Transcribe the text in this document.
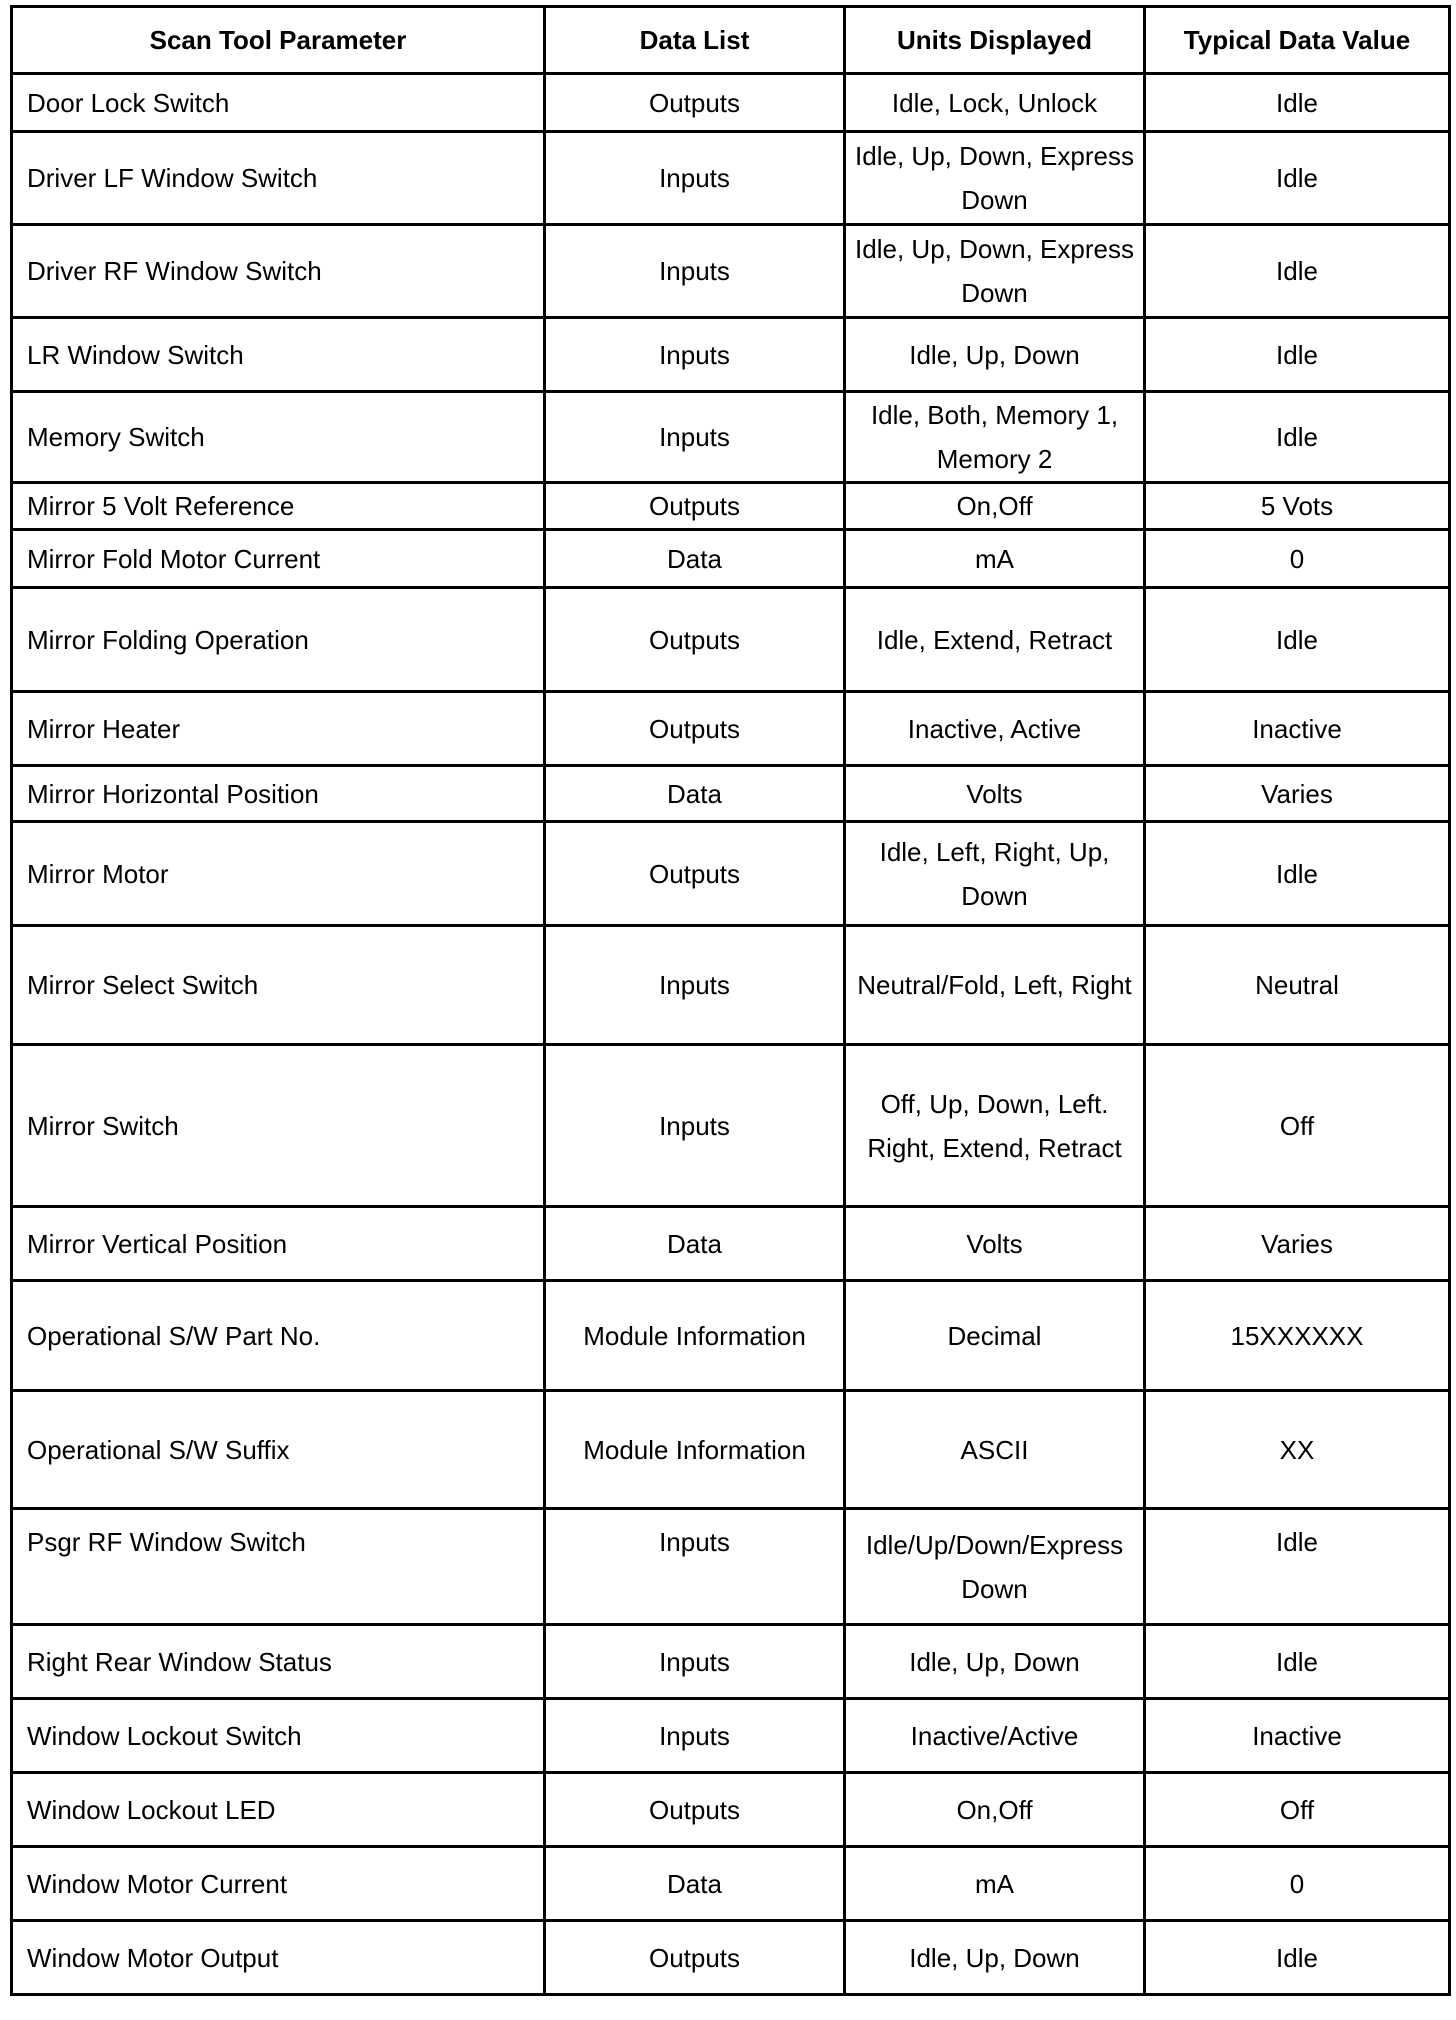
Scan Tool Parameter	Data List	Units Displayed	Typical Data Value
Door Lock Switch	Outputs	Idle, Lock, Unlock	Idle
Driver LF Window Switch	Inputs	Idle, Up, Down, Express Down	Idle
Driver RF Window Switch	Inputs	Idle, Up, Down, Express Down	Idle
LR Window Switch	Inputs	Idle, Up, Down	Idle
Memory Switch	Inputs	Idle, Both, Memory 1, Memory 2	Idle
Mirror 5 Volt Reference	Outputs	On,Off	5 Vots
Mirror Fold Motor Current	Data	mA	0
Mirror Folding Operation	Outputs	Idle, Extend, Retract	Idle
Mirror Heater	Outputs	Inactive, Active	Inactive
Mirror Horizontal Position	Data	Volts	Varies
Mirror Motor	Outputs	Idle, Left, Right, Up, Down	Idle
Mirror Select Switch	Inputs	Neutral/Fold, Left, Right	Neutral
Mirror Switch	Inputs	Off, Up, Down, Left. Right, Extend, Retract	Off
Mirror Vertical Position	Data	Volts	Varies
Operational S/W Part No.	Module Information	Decimal	15XXXXXX
Operational S/W Suffix	Module Information	ASCII	XX
Psgr RF Window Switch	Inputs	Idle/Up/Down/Express Down	Idle
Right Rear Window Status	Inputs	Idle, Up, Down	Idle
Window Lockout Switch	Inputs	Inactive/Active	Inactive
Window Lockout LED	Outputs	On,Off	Off
Window Motor Current	Data	mA	0
Window Motor Output	Outputs	Idle, Up, Down	Idle
